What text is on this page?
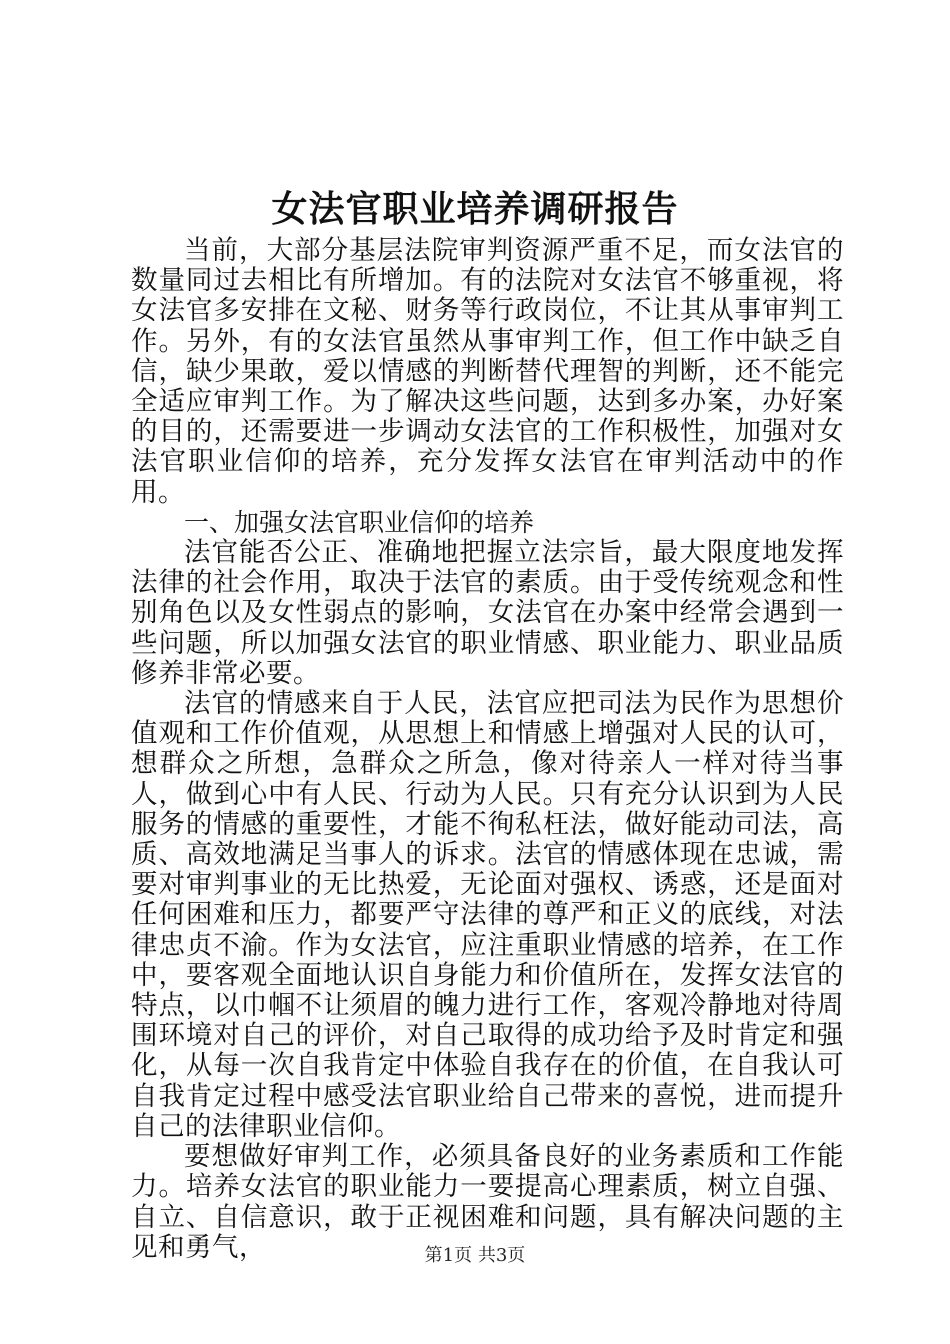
女法官职业培养调研报告

当前，大部分基层法院审判资源严重不足，而女法官的数量同过去相比有所增加。有的法院对女法官不够重视，将女法官多安排在文秘、财务等行政岗位，不让其从事审判工作。另外，有的女法官虽然从事审判工作，但工作中缺乏自信，缺少果敢，爱以情感的判断替代理智的判断，还不能完全适应审判工作。为了解决这些问题，达到多办案，办好案的目的，还需要进一步调动女法官的工作积极性，加强对女法官职业信仰的培养，充分发挥女法官在审判活动中的作用。

一、加强女法官职业信仰的培养

法官能否公正、准确地把握立法宗旨，最大限度地发挥法律的社会作用，取决于法官的素质。由于受传统观念和性别角色以及女性弱点的影响，女法官在办案中经常会遇到一些问题，所以加强女法官的职业情感、职业能力、职业品质修养非常必要。

法官的情感来自于人民，法官应把司法为民作为思想价值观和工作价值观，从思想上和情感上增强对人民的认可，想群众之所想，急群众之所急，像对待亲人一样对待当事人，做到心中有人民、行动为人民。只有充分认识到为人民服务的情感的重要性，才能不徇私枉法，做好能动司法，高质、高效地满足当事人的诉求。法官的情感体现在忠诚，需要对审判事业的无比热爱，无论面对强权、诱惑，还是面对任何困难和压力，都要严守法律的尊严和正义的底线，对法律忠贞不渝。作为女法官，应注重职业情感的培养，在工作中，要客观全面地认识自身能力和价值所在，发挥女法官的特点，以巾帼不让须眉的魄力进行工作，客观冷静地对待周围环境对自己的评价，对自己取得的成功给予及时肯定和强化，从每一次自我肯定中体验自我存在的价值，在自我认可自我肯定过程中感受法官职业给自己带来的喜悦，进而提升自己的法律职业信仰。

要想做好审判工作，必须具备良好的业务素质和工作能力。培养女法官的职业能力一要提高心理素质，树立自强、自立、自信意识，敢于正视困难和问题，具有解决问题的主见和勇气，	第1页 共3页
